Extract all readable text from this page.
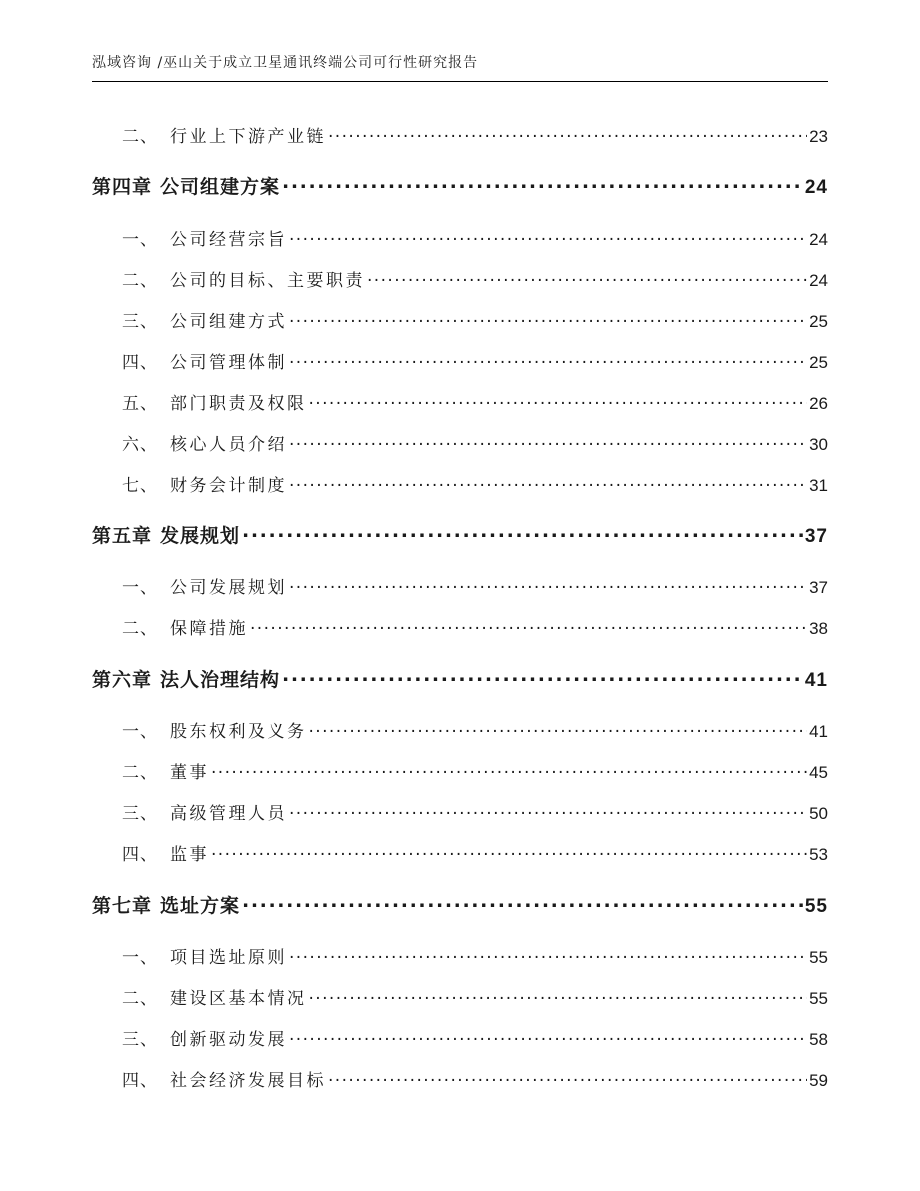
泓域咨询 /巫山关于成立卫星通讯终端公司可行性研究报告
二、 行业上下游产业链 .....	23
第四章 公司组建方案 .....	24
一、 公司经营宗旨 .....	24
二、 公司的目标、主要职责 .....	24
三、 公司组建方式 .....	25
四、 公司管理体制 .....	25
五、 部门职责及权限 .....	26
六、 核心人员介绍 .....	30
七、 财务会计制度 .....	31
第五章 发展规划 .....	37
一、 公司发展规划 .....	37
二、 保障措施 .....	38
第六章 法人治理结构 .....	41
一、 股东权利及义务 .....	41
二、 董事 .....	45
三、 高级管理人员 .....	50
四、 监事 .....	53
第七章 选址方案 .....	55
一、 项目选址原则 .....	55
二、 建设区基本情况 .....	55
三、 创新驱动发展 .....	58
四、 社会经济发展目标 .....	59
